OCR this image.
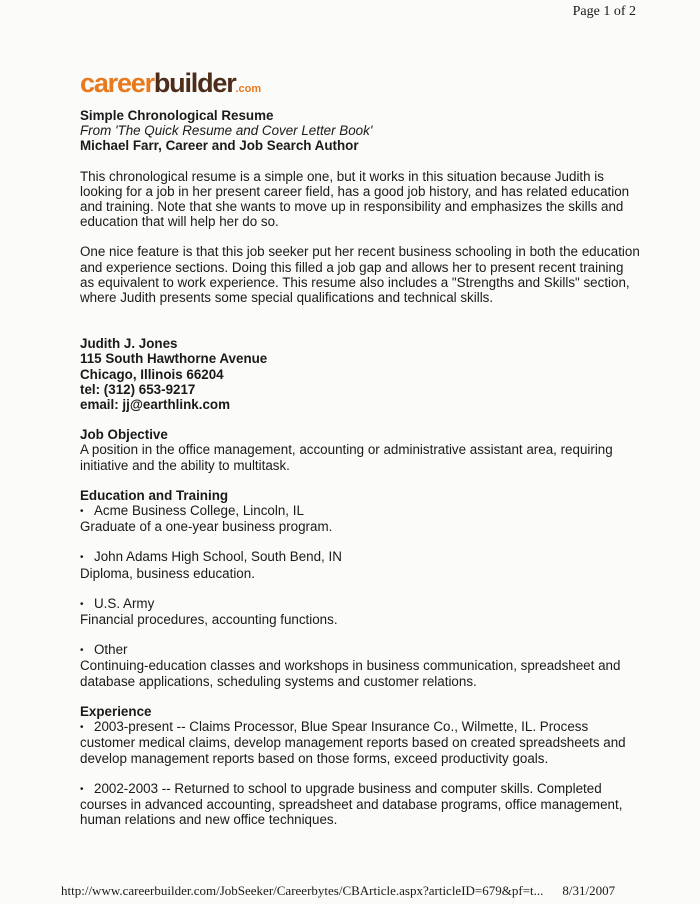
Page 1 of 2
careerbuilder.com

Simple Chronological Resume

From 'The Quick Resume and Cover Letter Book'

Michael Farr, Career and Job Search Author

This chronological resume is a simple one, but it works in this situation because Judith is looking for a job in her present career field, has a good job history, and has related education and training. Note that she wants to move up in responsibility and emphasizes the skills and education that will help her do so.

One nice feature is that this job seeker put her recent business schooling in both the education and experience sections. Doing this filled a job gap and allows her to present recent training as equivalent to work experience. This resume also includes a "Strengths and Skills" section, where Judith presents some special qualifications and technical skills.

Judith J. Jones

115 South Hawthorne Avenue

Chicago, Illinois 66204

tel: (312) 653-9217

email: jj@earthlink.com

Job Objective

A position in the office management, accounting or administrative assistant area, requiring initiative and the ability to multitask.

Education and Training

• Acme Business College, Lincoln, IL

Graduate of a one-year business program.

• John Adams High School, South Bend, IN

Diploma, business education.

• U.S. Army

Financial procedures, accounting functions.

• Other

Continuing-education classes and workshops in business communication, spreadsheet and database applications, scheduling systems and customer relations.

Experience

• 2003-present -- Claims Processor, Blue Spear Insurance Co., Wilmette, IL. Process customer medical claims, develop management reports based on created spreadsheets and develop management reports based on those forms, exceed productivity goals.

• 2002-2003 -- Returned to school to upgrade business and computer skills. Completed courses in advanced accounting, spreadsheet and database programs, office management, human relations and new office techniques.

http://www.careerbuilder.com/JobSeeker/Careerbytes/CBArticle.aspx?articleID=679&pf=t... 8/31/2007
